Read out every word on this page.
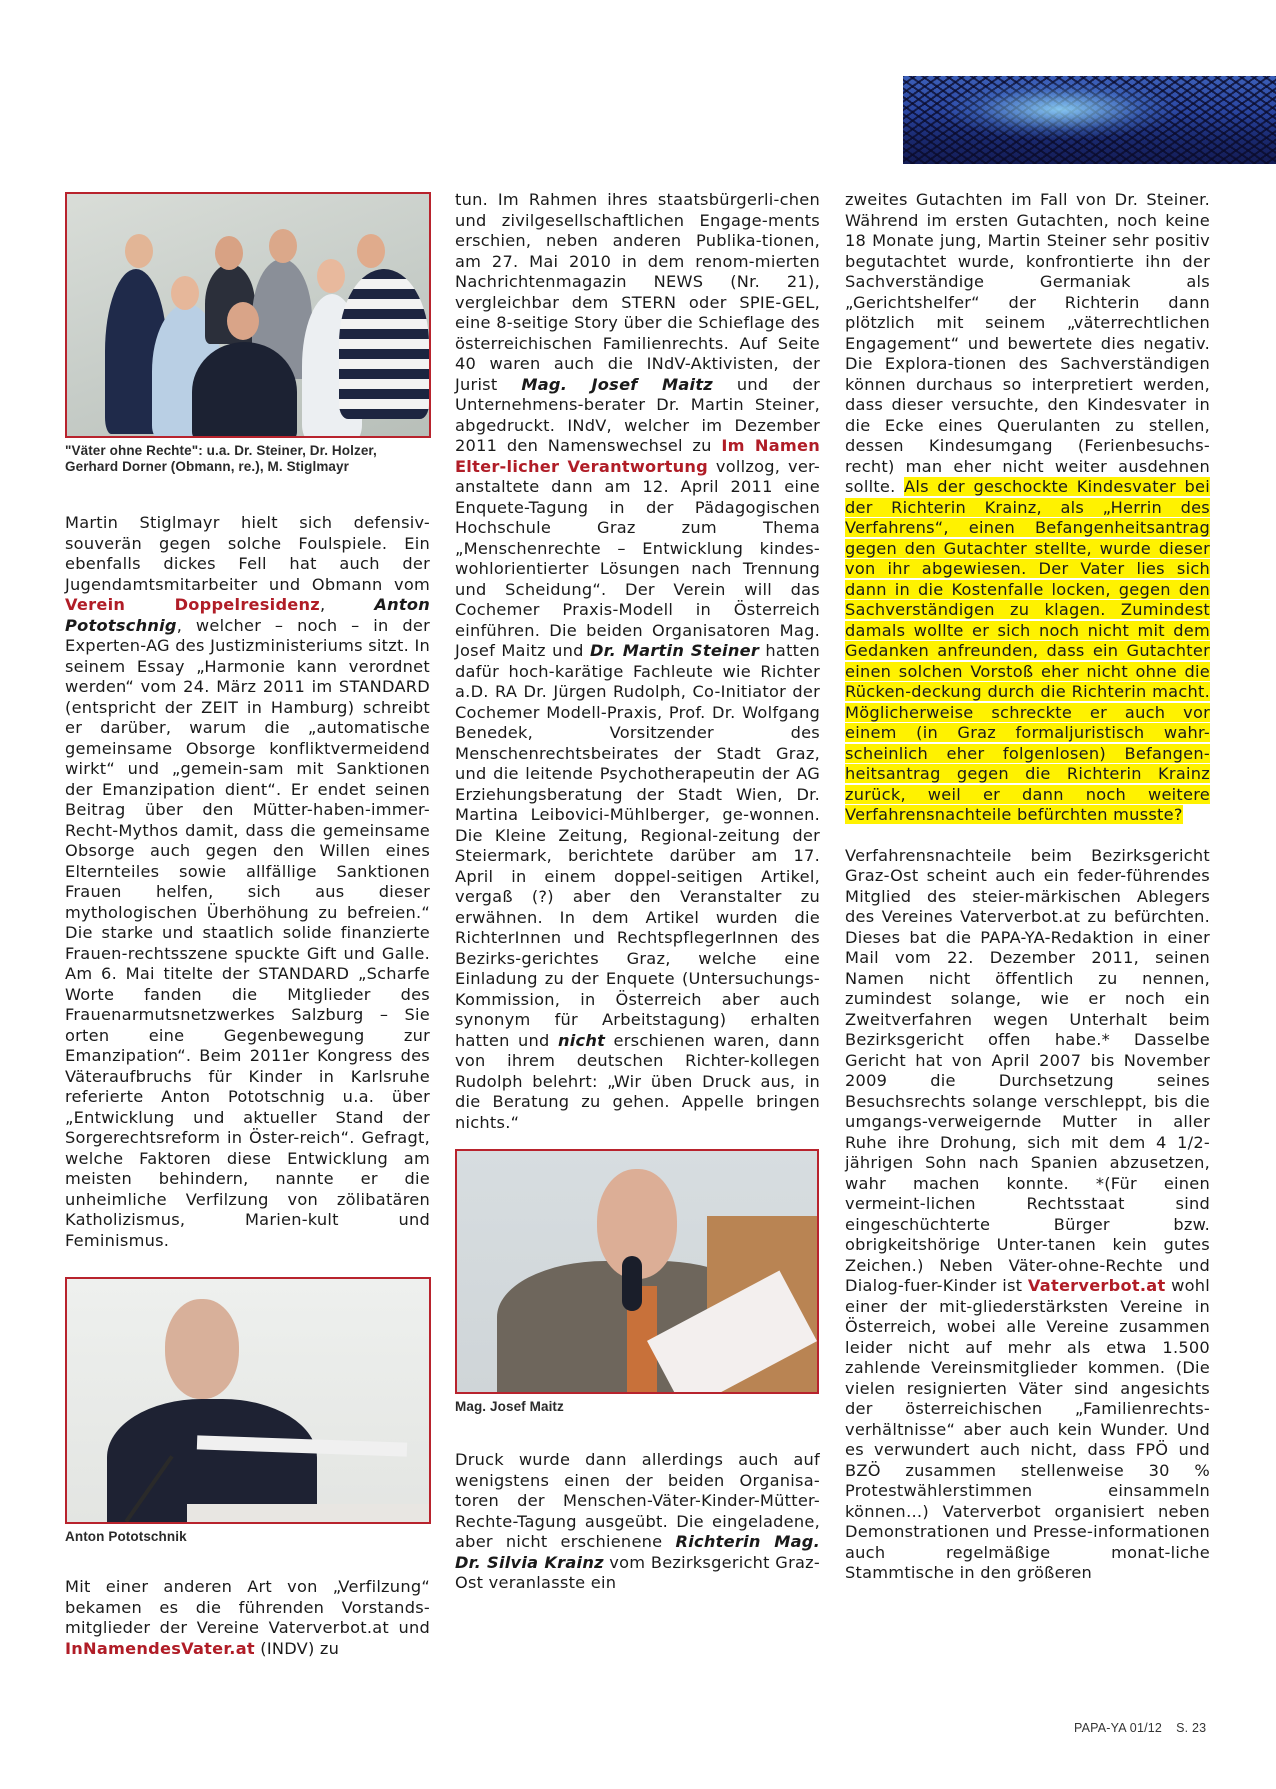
"Väter ohne Rechte": u.a. Dr. Steiner, Dr. Holzer, Gerhard Dorner (Obmann, re.), M. Stiglmayr

Martin Stiglmayr hielt sich defensiv-souverän gegen solche Foulspiele. Ein ebenfalls dickes Fell hat auch der Jugendamtsmitarbeiter und Obmann vom Verein Doppelresidenz, Anton Pototschnig, welcher – noch – in der Experten-AG des Justizministeriums sitzt. In seinem Essay „Harmonie kann verordnet werden“ vom 24. März 2011 im STANDARD (entspricht der ZEIT in Hamburg) schreibt er darüber, warum die „automatische gemeinsame Obsorge konfliktvermeidend wirkt“ und „gemein-sam mit Sanktionen der Emanzipation dient“. Er endet seinen Beitrag über den Mütter-haben-immer-Recht-Mythos damit, dass die gemeinsame Obsorge auch gegen den Willen eines Elternteiles sowie allfällige Sanktionen Frauen helfen, sich aus dieser mythologischen Überhöhung zu befreien.“ Die starke und staatlich solide finanzierte Frauen-rechtsszene spuckte Gift und Galle. Am 6. Mai titelte der STANDARD „Scharfe Worte fanden die Mitglieder des Frauenarmutsnetzwerkes Salzburg – Sie orten eine Gegenbewegung zur Emanzipation“. Beim 2011er Kongress des Väteraufbruchs für Kinder in Karlsruhe referierte Anton Pototschnig u.a. über „Entwicklung und aktueller Stand der Sorgerechtsreform in Öster-reich“. Gefragt, welche Faktoren diese Entwicklung am meisten behindern, nannte er die unheimliche Verfilzung von zölibatären Katholizismus, Marien-kult und Feminismus.

Anton Pototschnik

Mit einer anderen Art von „Verfilzung“ bekamen es die führenden Vorstands-mitglieder der Vereine Vaterverbot.at und InNamendesVater.at (INDV) zu

tun. Im Rahmen ihres staatsbürgerli-chen und zivilgesellschaftlichen Engage-ments erschien, neben anderen Publika-tionen, am 27. Mai 2010 in dem renom-mierten Nachrichtenmagazin NEWS (Nr. 21), vergleichbar dem STERN oder SPIE-GEL, eine 8-seitige Story über die Schieflage des österreichischen Familienrechts. Auf Seite 40 waren auch die INdV-Aktivisten, der Jurist Mag. Josef Maitz und der Unternehmens-berater Dr. Martin Steiner, abgedruckt. INdV, welcher im Dezember 2011 den Namenswechsel zu Im Namen Elter-licher Verantwortung vollzog, ver-anstaltete dann am 12. April 2011 eine Enquete-Tagung in der Pädagogischen Hochschule Graz zum Thema „Menschenrechte – Entwicklung kindes-wohlorientierter Lösungen nach Trennung und Scheidung“. Der Verein will das Cochemer Praxis-Modell in Österreich einführen. Die beiden Organisatoren Mag. Josef Maitz und Dr. Martin Steiner hatten dafür hoch-karätige Fachleute wie Richter a.D. RA Dr. Jürgen Rudolph, Co-Initiator der Cochemer Modell-Praxis, Prof. Dr. Wolfgang Benedek, Vorsitzender des Menschenrechtsbeirates der Stadt Graz, und die leitende Psychotherapeutin der AG Erziehungsberatung der Stadt Wien, Dr. Martina Leibovici-Mühlberger, ge-wonnen. Die Kleine Zeitung, Regional-zeitung der Steiermark, berichtete darüber am 17. April in einem doppel-seitigen Artikel, vergaß (?) aber den Veranstalter zu erwähnen. In dem Artikel wurden die RichterInnen und RechtspflegerInnen des Bezirks-gerichtes Graz, welche eine Einladung zu der Enquete (Untersuchungs-Kommission, in Österreich aber auch synonym für Arbeitstagung) erhalten hatten und nicht erschienen waren, dann von ihrem deutschen Richter-kollegen Rudolph belehrt: „Wir üben Druck aus, in die Beratung zu gehen. Appelle bringen nichts.“

Mag. Josef Maitz

Druck wurde dann allerdings auch auf wenigstens einen der beiden Organisa-toren der Menschen-Väter-Kinder-Mütter-Rechte-Tagung ausgeübt. Die eingeladene, aber nicht erschienene Richterin Mag. Dr. Silvia Krainz vom Bezirksgericht Graz-Ost veranlasste ein

zweites Gutachten im Fall von Dr. Steiner. Während im ersten Gutachten, noch keine 18 Monate jung, Martin Steiner sehr positiv begutachtet wurde, konfrontierte ihn der Sachverständige Germaniak als „Gerichtshelfer“ der Richterin dann plötzlich mit seinem „väterrechtlichen Engagement“ und bewertete dies negativ. Die Explora-tionen des Sachverständigen können durchaus so interpretiert werden, dass dieser versuchte, den Kindesvater in die Ecke eines Querulanten zu stellen, dessen Kindesumgang (Ferienbesuchs-recht) man eher nicht weiter ausdehnen sollte. Als der geschockte Kindesvater bei der Richterin Krainz, als „Herrin des Verfahrens“, einen Befangenheitsantrag gegen den Gutachter stellte, wurde dieser von ihr abgewiesen. Der Vater lies sich dann in die Kostenfalle locken, gegen den Sachverständigen zu klagen. Zumindest damals wollte er sich noch nicht mit dem Gedanken anfreunden, dass ein Gutachter einen solchen Vorstoß eher nicht ohne die Rücken-deckung durch die Richterin macht. Möglicherweise schreckte er auch vor einem (in Graz formaljuristisch wahr-scheinlich eher folgenlosen) Befangen-heitsantrag gegen die Richterin Krainz zurück, weil er dann noch weitere Verfahrensnachteile befürchten musste?

Verfahrensnachteile beim Bezirksgericht Graz-Ost scheint auch ein feder-führendes Mitglied des steier-märkischen Ablegers des Vereines Vaterverbot.at zu befürchten. Dieses bat die PAPA-YA-Redaktion in einer Mail vom 22. Dezember 2011, seinen Namen nicht öffentlich zu nennen, zumindest solange, wie er noch ein Zweitverfahren wegen Unterhalt beim Bezirksgericht offen habe.* Dasselbe Gericht hat von April 2007 bis November 2009 die Durchsetzung seines Besuchsrechts solange verschleppt, bis die umgangs-verweigernde Mutter in aller Ruhe ihre Drohung, sich mit dem 4 1/2-jährigen Sohn nach Spanien abzusetzen, wahr machen konnte. *(Für einen vermeint-lichen Rechtsstaat sind eingeschüchterte Bürger bzw. obrigkeitshörige Unter-tanen kein gutes Zeichen.) Neben Väter-ohne-Rechte und Dialog-fuer-Kinder ist Vaterverbot.at wohl einer der mit-gliederstärksten Vereine in Österreich, wobei alle Vereine zusammen leider nicht auf mehr als etwa 1.500 zahlende Vereinsmitglieder kommen. (Die vielen resignierten Väter sind angesichts der österreichischen „Familienrechts-verhältnisse“ aber auch kein Wunder. Und es verwundert auch nicht, dass FPÖ und BZÖ zusammen stellenweise 30 % Protestwählerstimmen einsammeln können…) Vaterverbot organisiert neben Demonstrationen und Presse-informationen auch regelmäßige monat-liche Stammtische in den größeren

PAPA-YA 01/12 S. 23
